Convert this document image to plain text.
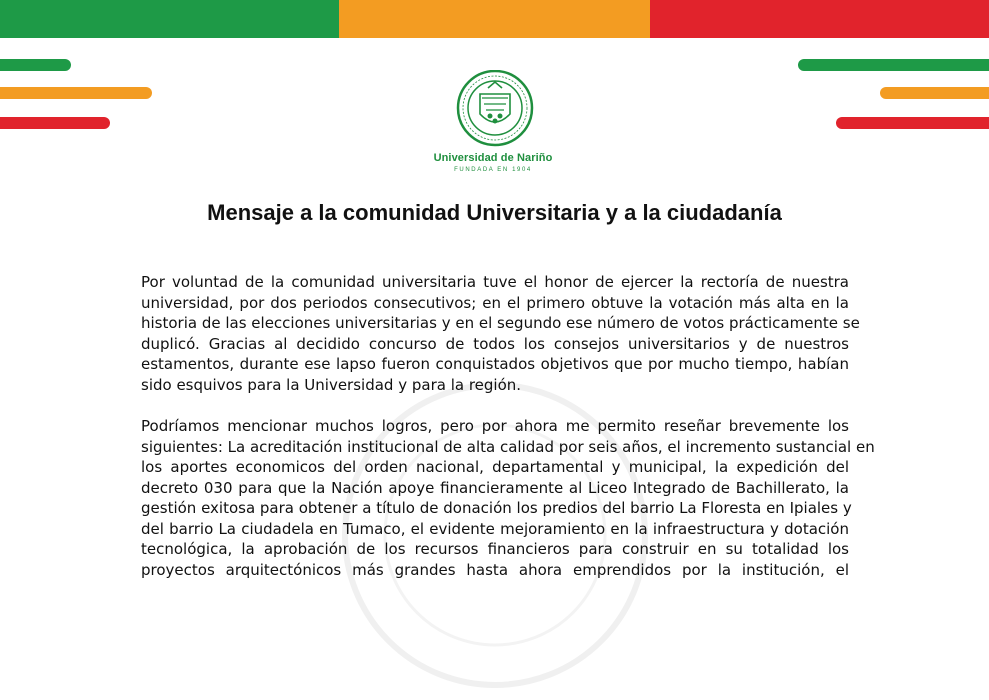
Universidad de Nariño
FUNDADA EN 1904
Mensaje a la comunidad Universitaria y a la ciudadanía

Por voluntad de la comunidad universitaria tuve el honor de ejercer la rectoría de nuestra
universidad, por dos periodos consecutivos; en el primero obtuve la votación más alta en la
historia de las elecciones universitarias y en el segundo ese número de votos prácticamente se
duplicó. Gracias al decidido concurso de todos los consejos universitarios y de nuestros
estamentos, durante ese lapso fueron conquistados objetivos que por mucho tiempo, habían
sido esquivos para la Universidad y para la región.

Podríamos mencionar muchos logros, pero por ahora me permito reseñar brevemente los
siguientes: La acreditación institucional de alta calidad por seis años, el incremento sustancial en
los aportes economicos del orden nacional, departamental y municipal, la expedición del
decreto 030 para que la Nación apoye financieramente al Liceo Integrado de Bachillerato, la
gestión exitosa para obtener a título de donación los predios del barrio La Floresta en Ipiales y
del barrio La ciudadela en Tumaco, el evidente mejoramiento en la infraestructura y dotación
tecnológica, la aprobación de los recursos financieros para construir en su totalidad los
proyectos arquitectónicos más grandes hasta ahora emprendidos por la institución, el
